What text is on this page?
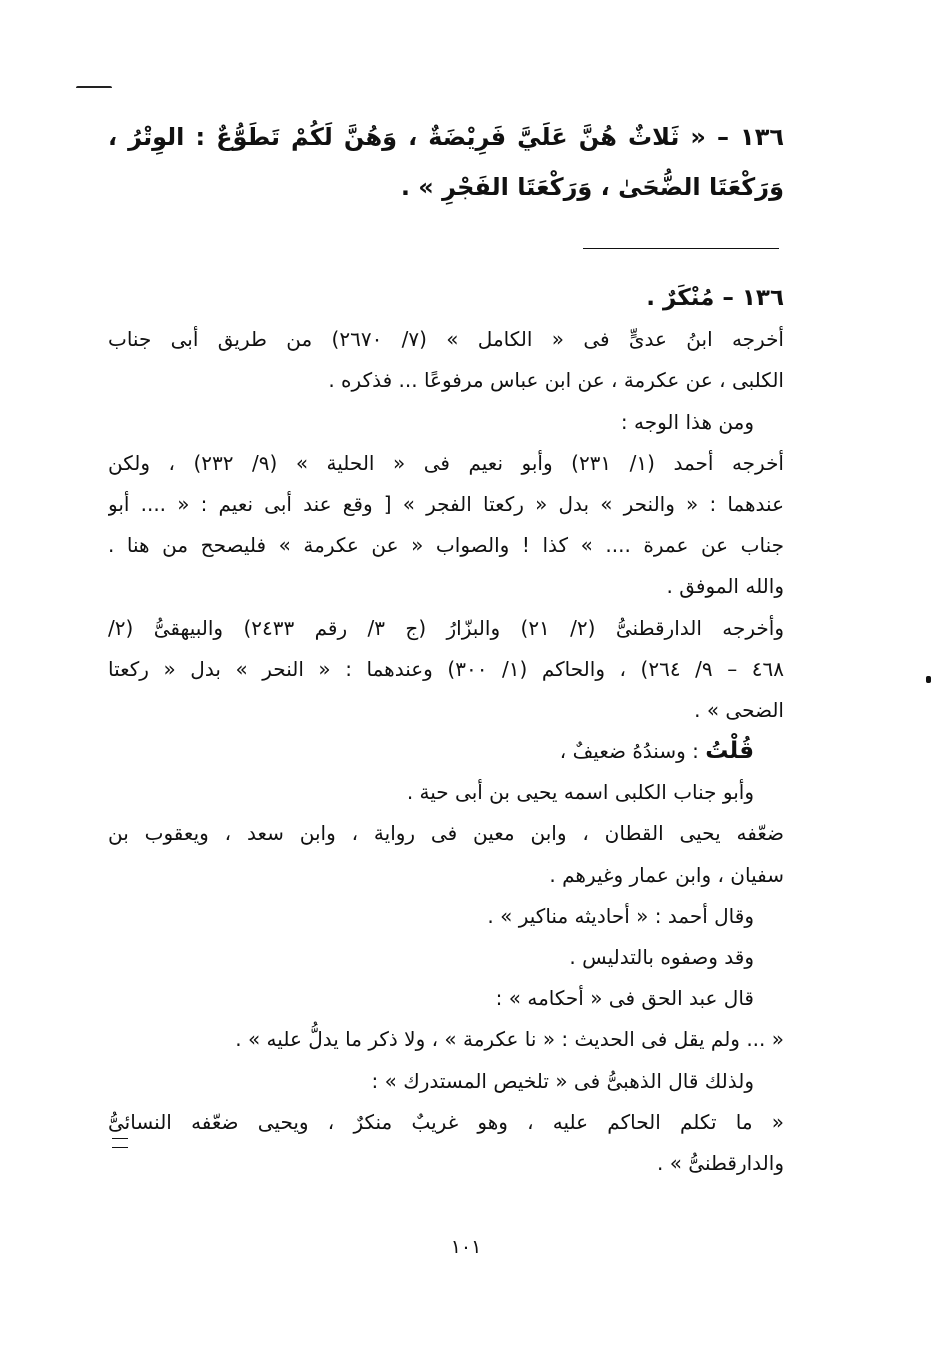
١٣٦ – « ثَلاثٌ هُنَّ عَلَيَّ فَرِيْضَةٌ ، وَهُنَّ لَكُمْ تَطَوُّعٌ : الوِتْرُ ، وَرَكْعَتَا الضُّحَىٰ ، وَرَكْعَتَا الفَجْرِ » .

١٣٦ – مُنْكَرٌ .
أخرجه ابنُ عدىٍّ فى « الكامل » (٧/ ٢٦٧٠) من طريق أبى جناب
الكلبى ، عن عكرمة ، عن ابن عباس مرفوعًا ... فذكره .
ومن هذا الوجه :
أخرجه أحمد (١/ ٢٣١) وأبو نعيم فى « الحلية » (٩/ ٢٣٢) ، ولكن
عندهما : « والنحر » بدل « ركعتا الفجر » [ وقع عند أبى نعيم : « .... أبو
جناب عن عمرة .... » كذا ! والصواب « عن عكرمة » فليصحح من هنا .
والله الموفق .
وأخرجه الدارقطنىُّ (٢/ ٢١) والبزّارُ (ج ٣/ رقم ٢٤٣٣) والبيهقىُّ (٢/
٤٦٨ – ٩/ ٢٦٤) ، والحاكم (١/ ٣٠٠) وعندهما : « النحر » بدل « ركعتا
الضحى » .
قُلْتُ : وسندُهُ ضعيفٌ ،
وأبو جناب الكلبى اسمه يحيى بن أبى حية .
ضعّفه يحيى القطان ، وابن معين فى رواية ، وابن سعد ، ويعقوب بن
سفيان ، وابن عمار وغيرهم .
وقال أحمد : « أحاديثه مناكير » .
وقد وصفوه بالتدليس .
قال عبد الحق فى « أحكامه » :
« ... ولم يقل فى الحديث : « نا عكرمة » ، ولا ذكر ما يدلُّ عليه » .
ولذلك قال الذهبىُّ فى « تلخيص المستدرك » :
« ما تكلم الحاكم عليه ، وهو غريبٌ منكرٌ ، ويحيى ضعّفه النسائىُّ
والدارقطنىُّ » .
١٠١
